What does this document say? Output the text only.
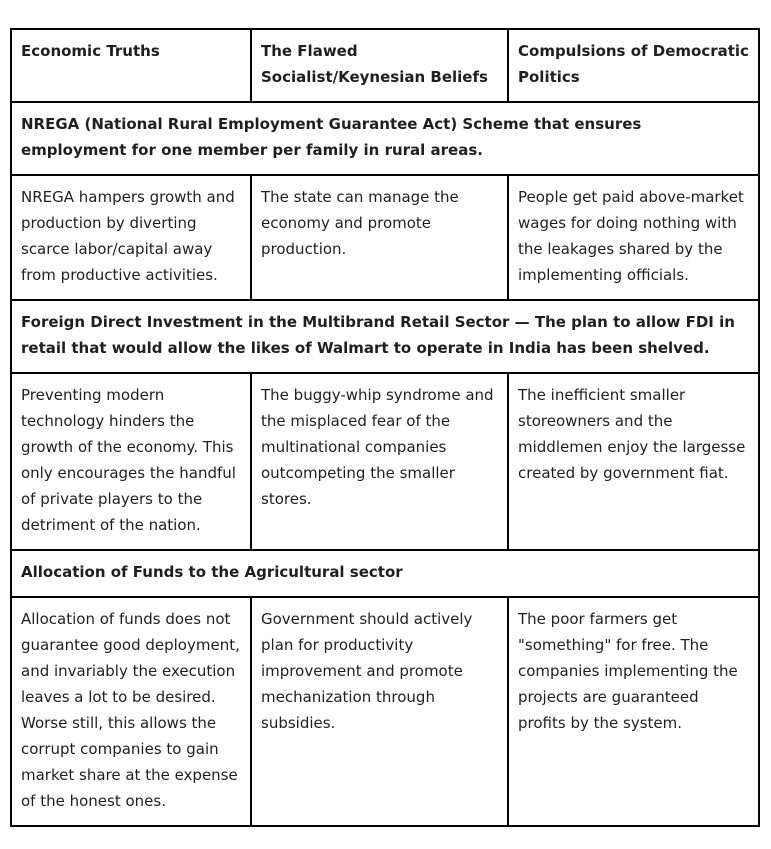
Economic Truths	The Flawed Socialist/Keynesian Beliefs	Compulsions of Democratic Politics
NREGA (National Rural Employment Guarantee Act) Scheme that ensures employment for one member per family in rural areas.		
NREGA hampers growth and production by diverting scarce labor/capital away from productive activities.	The state can manage the economy and promote production.	People get paid above-market wages for doing nothing with the leakages shared by the implementing officials.
Foreign Direct Investment in the Multibrand Retail Sector — The plan to allow FDI in retail that would allow the likes of Walmart to operate in India has been shelved.		
Preventing modern technology hinders the growth of the economy. This only encourages the handful of private players to the detriment of the nation.	The buggy-whip syndrome and the misplaced fear of the multinational companies outcompeting the smaller stores.	The inefficient smaller storeowners and the middlemen enjoy the largesse created by government fiat.
Allocation of Funds to the Agricultural sector		
Allocation of funds does not guarantee good deployment, and invariably the execution leaves a lot to be desired. Worse still, this allows the corrupt companies to gain market share at the expense of the honest ones.	Government should actively plan for productivity improvement and promote mechanization through subsidies.	The poor farmers get "something" for free. The companies implementing the projects are guaranteed profits by the system.
